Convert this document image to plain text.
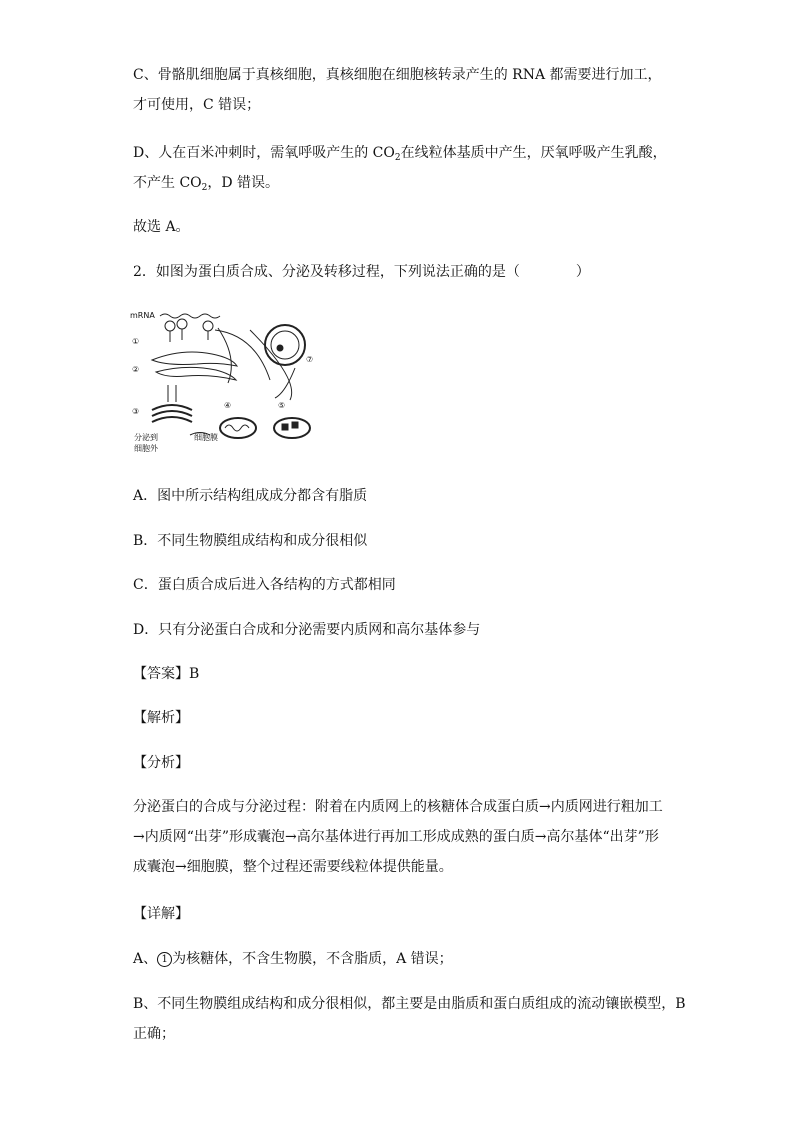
C、骨骼肌细胞属于真核细胞，真核细胞在细胞核转录产生的 RNA 都需要进行加工，
才可使用，C 错误；
D、人在百米冲刺时，需氧呼吸产生的 $CO_2$在线粒体基质中产生，厌氧呼吸产生乳酸，
不产生 $CO_2$，D 错误。
故选 A。
2．如图为蛋白质合成、分泌及转移过程，下列说法正确的是（　　　　）
mRNA
①
②
③
④	⑤
⑦
分泌到
细胞外
细胞膜
A．图中所示结构组成成分都含有脂质
B．不同生物膜组成结构和成分很相似
C．蛋白质合成后进入各结构的方式都相同
D．只有分泌蛋白合成和分泌需要内质网和高尔基体参与
【答案】B
【解析】
【分析】
分泌蛋白的合成与分泌过程：附着在内质网上的核糖体合成蛋白质→内质网进行粗加工
→内质网“出芽”形成囊泡→高尔基体进行再加工形成成熟的蛋白质→高尔基体“出芽”形
成囊泡→细胞膜，整个过程还需要线粒体提供能量。
【详解】
A、 1 为核糖体，不含生物膜，不含脂质，A 错误；
B、不同生物膜组成结构和成分很相似，都主要是由脂质和蛋白质组成的流动镶嵌模型，B
正确；
